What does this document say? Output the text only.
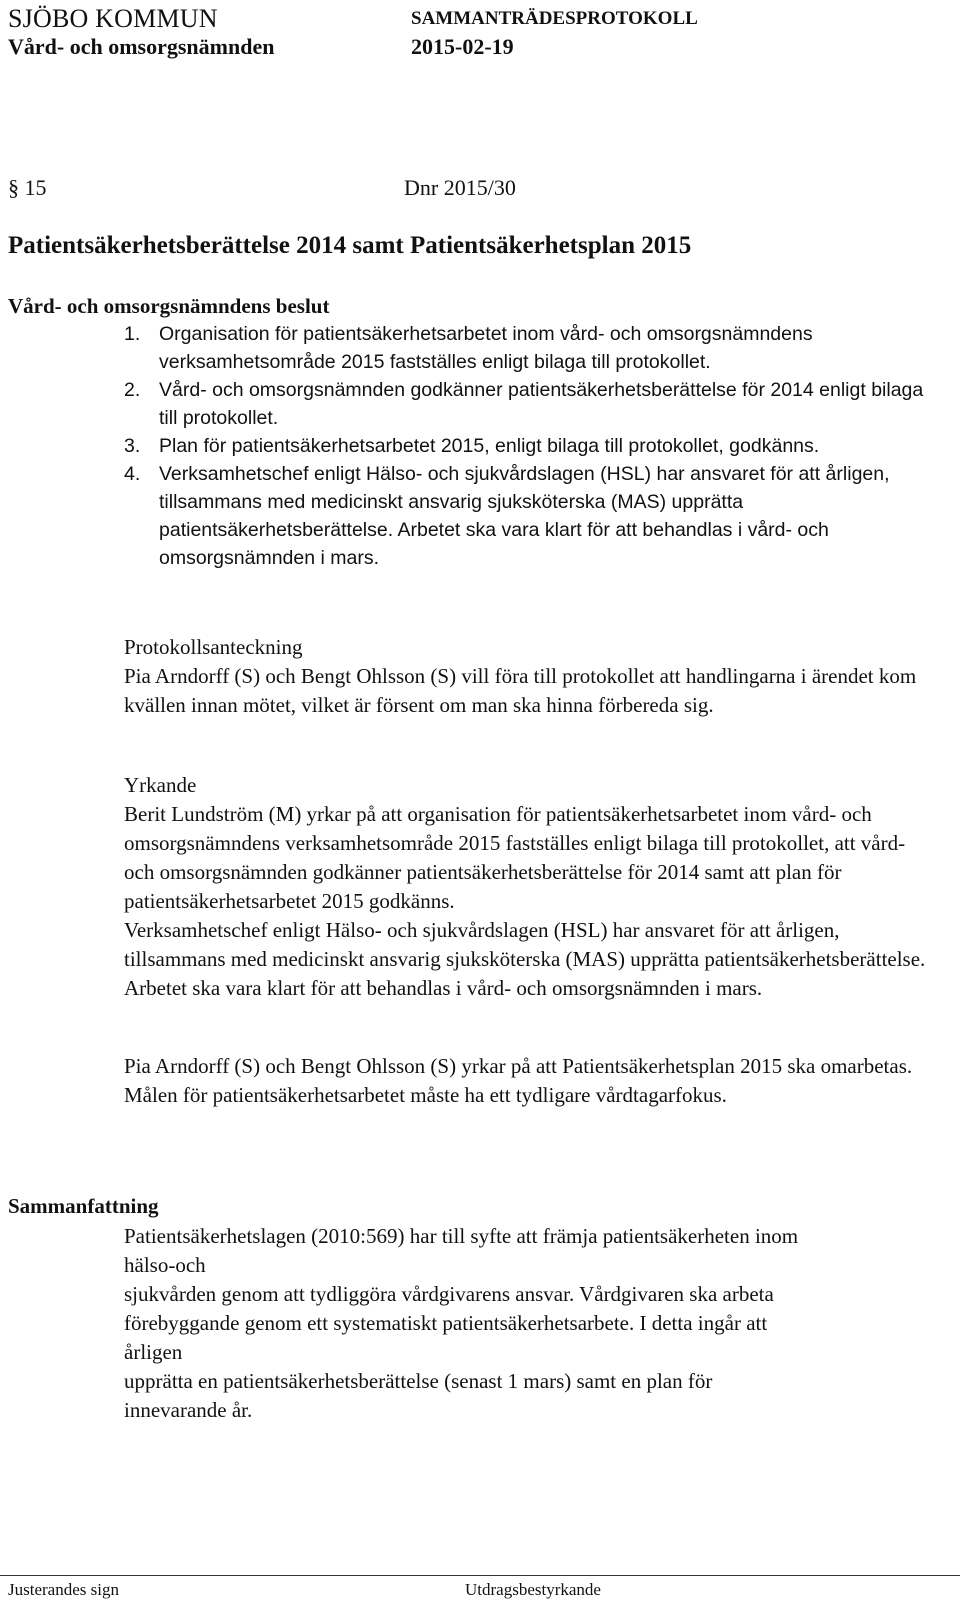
SJÖBO KOMMUN	SAMMANTRÄDESPROTOKOLL
Vård- och omsorgsnämnden	2015-02-19
§ 15	Dnr 2015/30
Patientsäkerhetsberättelse 2014 samt Patientsäkerhetsplan 2015
Vård- och omsorgsnämndens beslut
1. Organisation för patientsäkerhetsarbetet inom vård- och omsorgsnämndens verksamhetsområde 2015 fastställes enligt bilaga till protokollet.
2. Vård- och omsorgsnämnden godkänner patientsäkerhetsberättelse för 2014 enligt bilaga till protokollet.
3. Plan för patientsäkerhetsarbetet 2015, enligt bilaga till protokollet, godkänns.
4. Verksamhetschef enligt Hälso- och sjukvårdslagen (HSL) har ansvaret för att årligen, tillsammans med medicinskt ansvarig sjuksköterska (MAS) upprätta patientsäkerhetsberättelse. Arbetet ska vara klart för att behandlas i vård- och omsorgsnämnden i mars.

Protokollsanteckning

Pia Arndorff (S) och Bengt Ohlsson (S) vill föra till protokollet att handlingarna i ärendet kom kvällen innan mötet, vilket är försent om man ska hinna förbereda sig.

Yrkande

Berit Lundström (M) yrkar på att organisation för patientsäkerhetsarbetet inom vård- och omsorgsnämndens verksamhetsområde 2015 fastställes enligt bilaga till protokollet, att vård- och omsorgsnämnden godkänner patientsäkerhetsberättelse för 2014 samt att plan för patientsäkerhetsarbetet 2015 godkänns.

Verksamhetschef enligt Hälso- och sjukvårdslagen (HSL) har ansvaret för att årligen, tillsammans med medicinskt ansvarig sjuksköterska (MAS) upprätta patientsäkerhetsberättelse. Arbetet ska vara klart för att behandlas i vård- och omsorgsnämnden i mars.

Pia Arndorff (S) och Bengt Ohlsson (S) yrkar på att Patientsäkerhetsplan 2015 ska omarbetas. Målen för patientsäkerhetsarbetet måste ha ett tydligare vårdtagarfokus.

Sammanfattning

Patientsäkerhetslagen (2010:569) har till syfte att främja patientsäkerheten inom

hälso-och

sjukvården genom att tydliggöra vårdgivarens ansvar. Vårdgivaren ska arbeta

förebyggande genom ett systematiskt patientsäkerhetsarbete. I detta ingår att

årligen

upprätta en patientsäkerhetsberättelse (senast 1 mars) samt en plan för

innevarande år.

Justerandes sign	Utdragsbestyrkande
